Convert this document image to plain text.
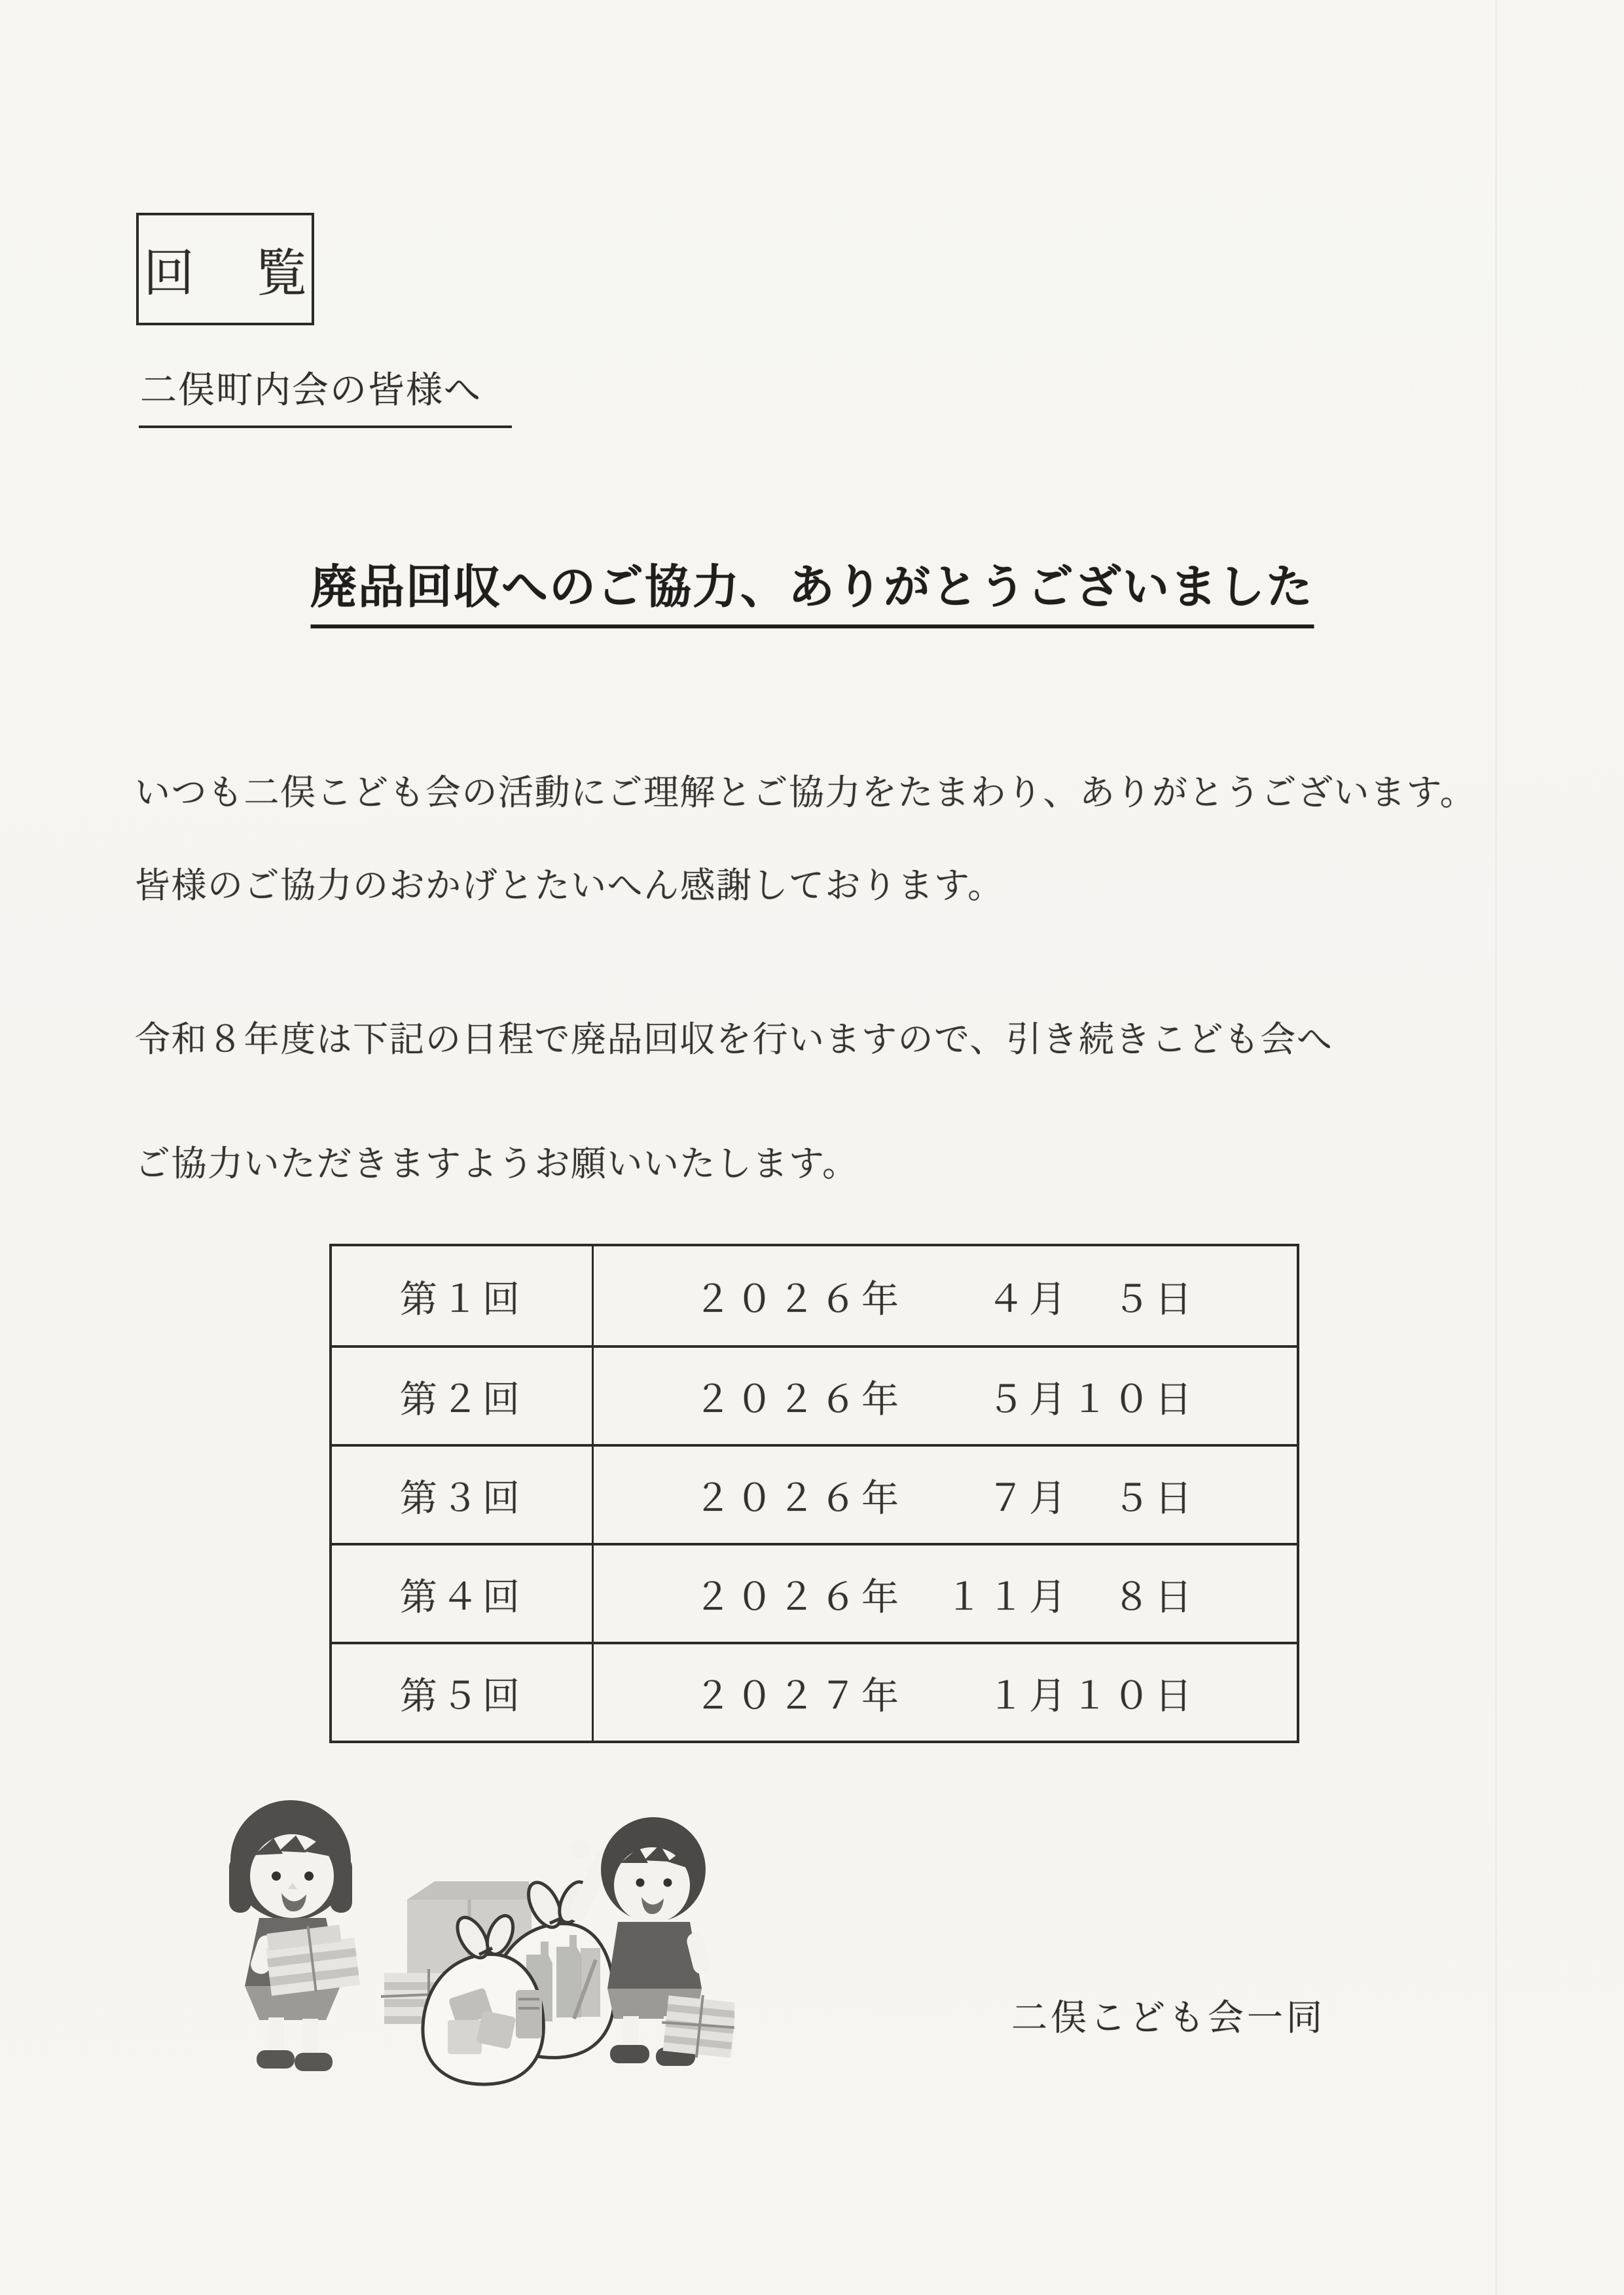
回　覧
二俣町内会の皆様へ
廃品回収へのご協力、ありがとうございました

いつも二俣こども会の活動にご理解とご協力をたまわり、ありがとうございます。

皆様のご協力のおかげとたいへん感謝しております。

令和８年度は下記の日程で廃品回収を行いますので、引き続きこども会へ

ご協力いただきますようお願いいたします。

第１回	２０２６年　　４月　５日
第２回	２０２６年　　５月１０日
第３回	２０２６年　　７月　５日
第４回	２０２６年　１１月　８日
第５回	２０２７年　　１月１０日
二俣こども会一同
